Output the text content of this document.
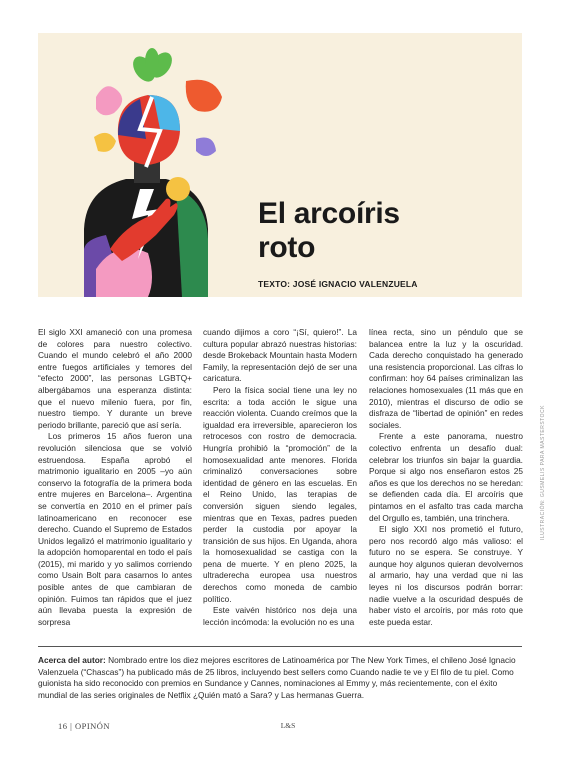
El arcoíris
roto
TEXTO: JOSÉ IGNACIO VALENZUELA

El siglo XXI amaneció con una promesa de colores para nuestro colectivo. Cuando el mundo celebró el año 2000 entre fuegos artificiales y temores del “efecto 2000”, las personas LGBTQ+ albergábamos una esperanza distinta: que el nuevo milenio fuera, por fin, nuestro tiempo. Y durante un breve periodo brillante, pareció que así sería.

Los primeros 15 años fueron una revolución silenciosa que se volvió estruendosa. España aprobó el matrimonio igualitario en 2005 –yo aún conservo la fotografía de la primera boda entre mujeres en Barcelona–. Argentina se convertía en 2010 en el primer país latinoamericano en reconocer ese derecho. Cuando el Supremo de Estados Unidos legalizó el matrimonio igualitario y la adopción homoparental en todo el país (2015), mi marido y yo salimos corriendo como Usain Bolt para casarnos lo antes posible antes de que cambiaran de opinión. Fuimos tan rápidos que el juez aún llevaba puesta la expresión de sorpresa

cuando dijimos a coro “¡Sí, quiero!”. La cultura popular abrazó nuestras historias: desde Brokeback Mountain hasta Modern Family, la representación dejó de ser una caricatura.

Pero la física social tiene una ley no escrita: a toda acción le sigue una reacción violenta. Cuando creímos que la igualdad era irreversible, aparecieron los retrocesos con rostro de democracia. Hungría prohibió la “promoción” de la homosexualidad ante menores. Florida criminalizó conversaciones sobre identidad de género en las escuelas. En el Reino Unido, las terapias de conversión siguen siendo legales, mientras que en Texas, padres pueden perder la custodia por apoyar la transición de sus hijos. En Uganda, ahora la homosexualidad se castiga con la pena de muerte. Y en pleno 2025, la ultraderecha europea usa nuestros derechos como moneda de cambio político.

Este vaivén histórico nos deja una lección incómoda: la evolución no es una

línea recta, sino un péndulo que se balancea entre la luz y la oscuridad. Cada derecho conquistado ha generado una resistencia proporcional. Las cifras lo confirman: hoy 64 países criminalizan las relaciones homosexuales (11 más que en 2010), mientras el discurso de odio se disfraza de “libertad de opinión” en redes sociales.

Frente a este panorama, nuestro colectivo enfrenta un desafío dual: celebrar los triunfos sin bajar la guardia. Porque si algo nos enseñaron estos 25 años es que los derechos no se heredan: se defienden cada día. El arcoíris que pintamos en el asfalto tras cada marcha del Orgullo es, también, una trinchera.

El siglo XXI nos prometió el futuro, pero nos recordó algo más valioso: el futuro no se espera. Se construye. Y aunque hoy algunos quieran devolvernos al armario, hay una verdad que ni las leyes ni los discursos podrán borrar: nadie vuelve a la oscuridad después de haber visto el arcoíris, por más roto que este pueda estar.

Acerca del autor: Nombrado entre los diez mejores escritores de Latinoamérica por The New York Times, el chileno José Ignacio Valenzuela (“Chascas”) ha publicado más de 25 libros, incluyendo best sellers como Cuando nadie te ve y El filo de tu piel. Como guionista ha sido reconocido con premios en Sundance y Cannes, nominaciones al Emmy y, más recientemente, con el éxito mundial de las series originales de Netflix ¿Quién mató a Sara? y Las hermanas Guerra.
16 | OPINÓN	L&S
ILUSTRACIÓN: GUSMELIS PARA MASTERSTOCK
